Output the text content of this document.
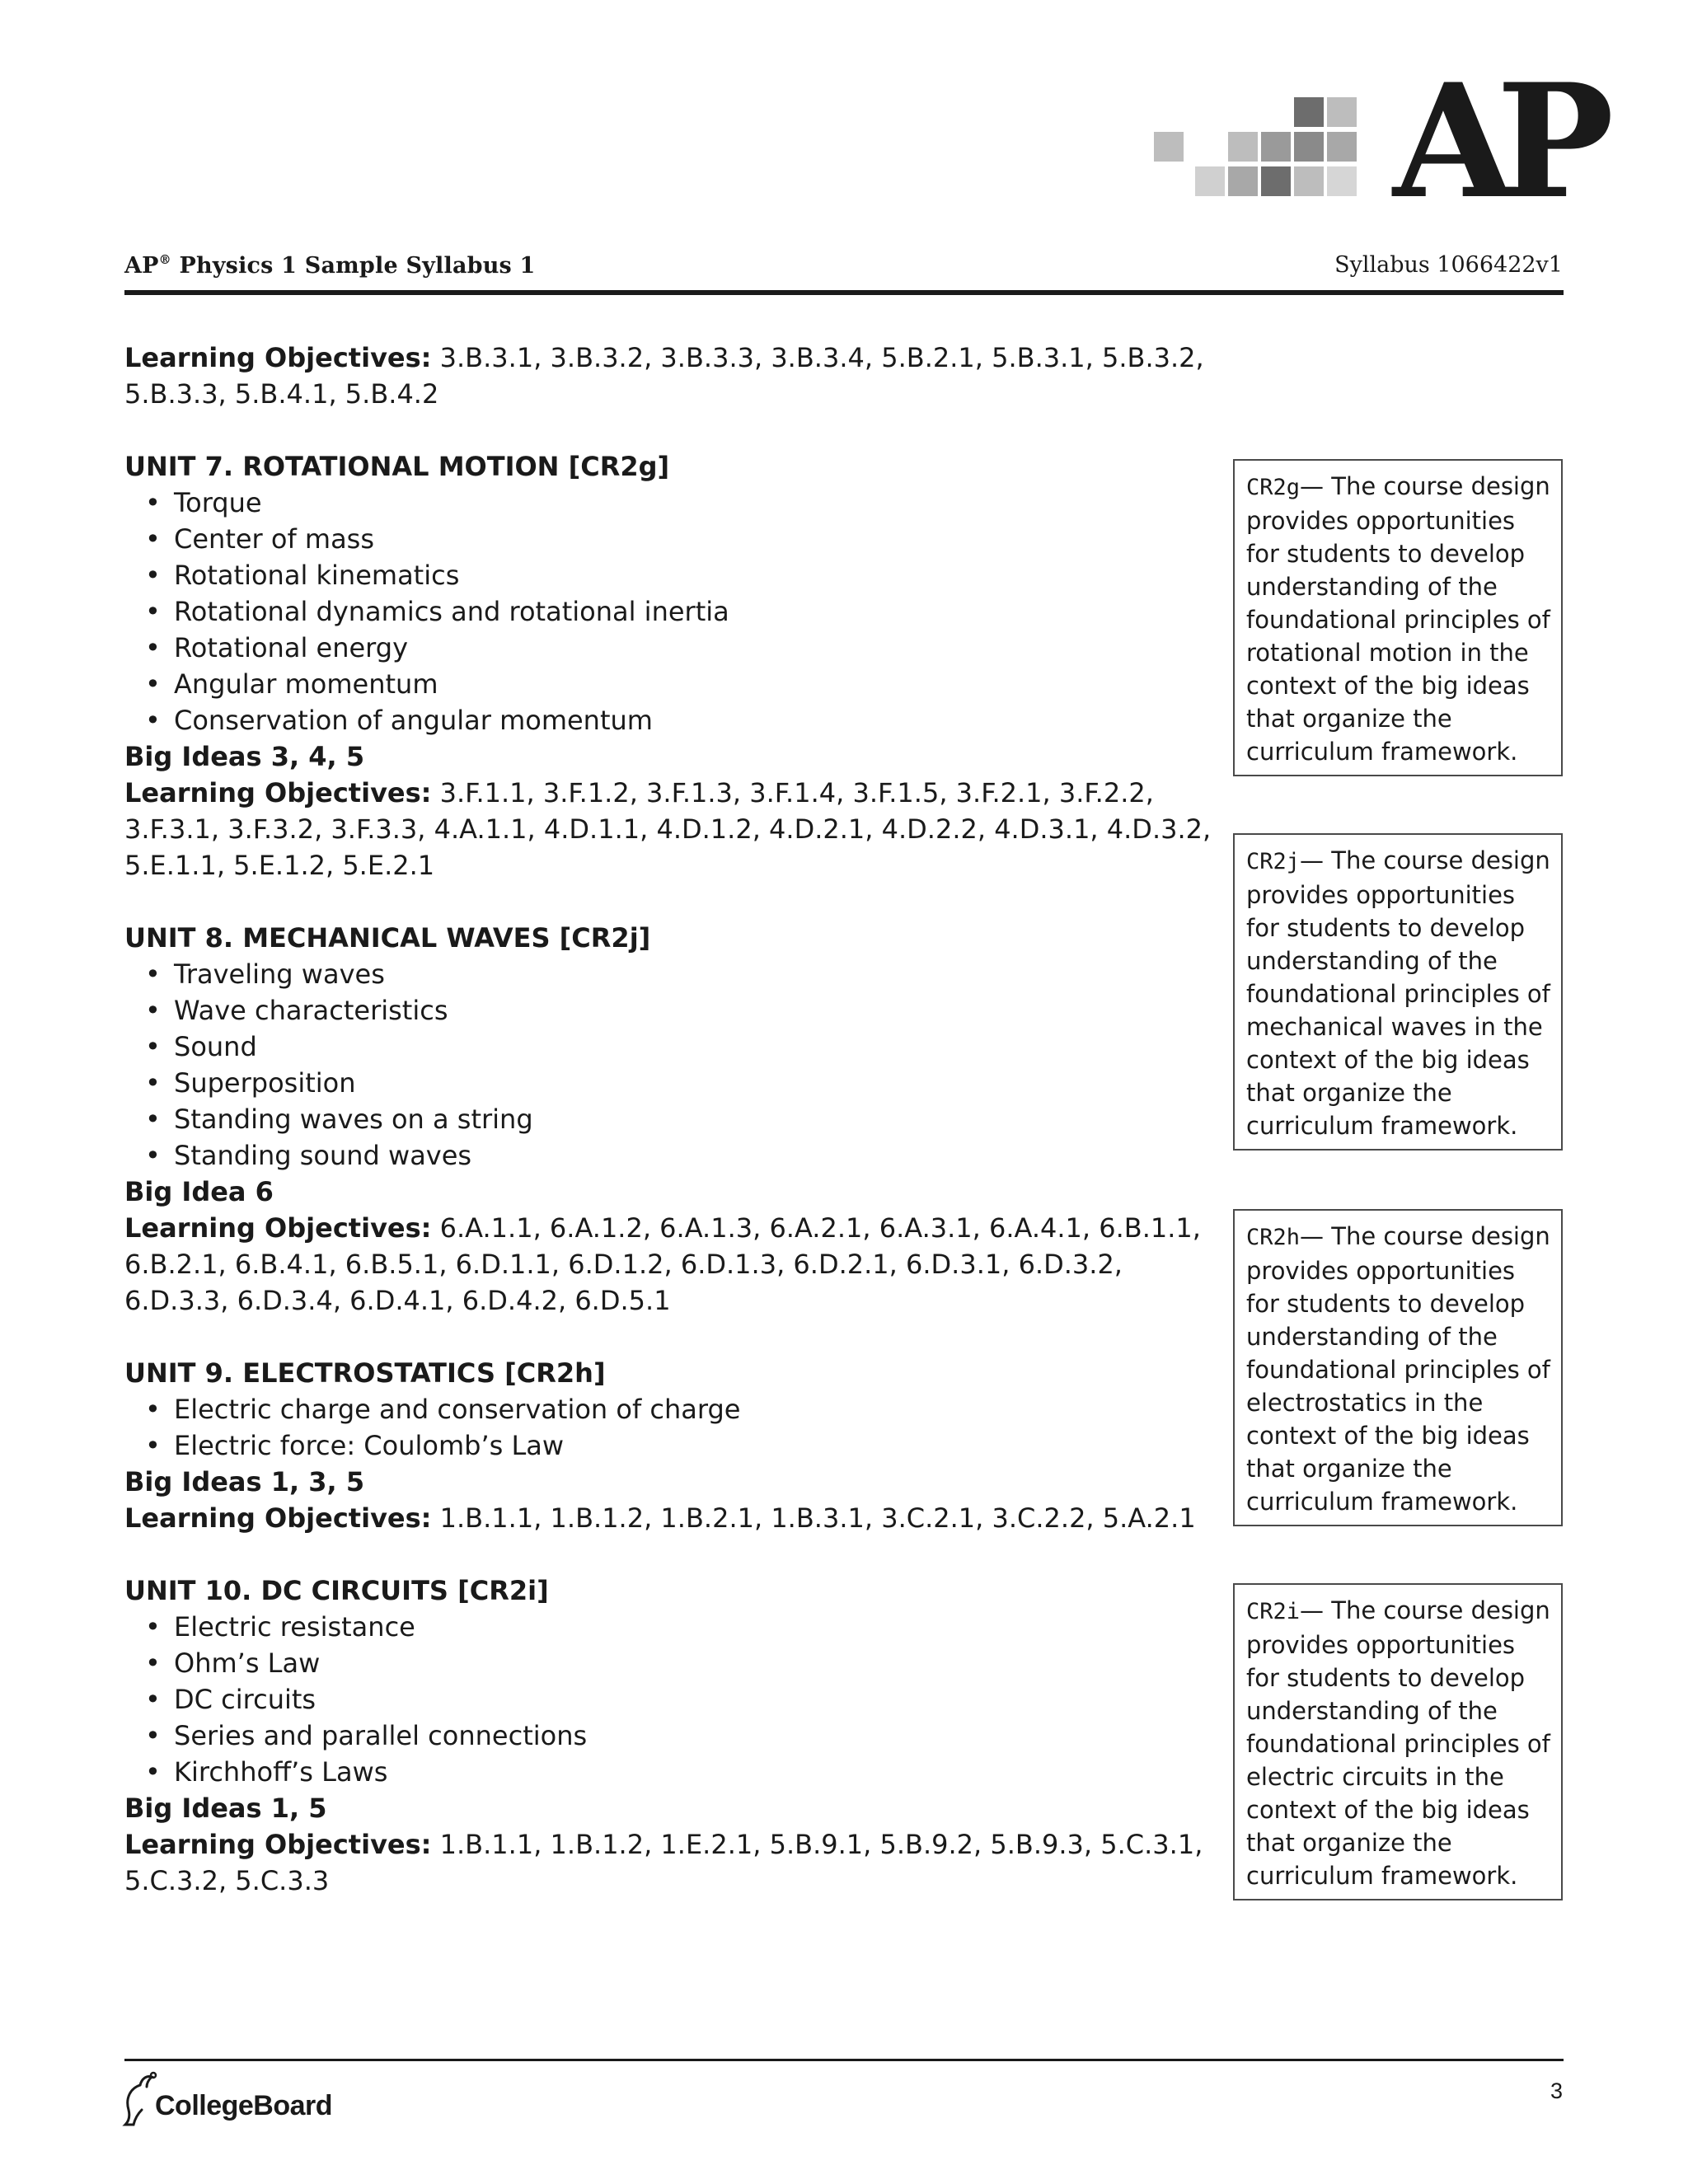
AP
AP® Physics 1 Sample Syllabus 1	Syllabus 1066422v1

Learning Objectives: 3.B.3.1, 3.B.3.2, 3.B.3.3, 3.B.3.4, 5.B.2.1, 5.B.3.1, 5.B.3.2, 5.B.3.3, 5.B.4.1, 5.B.4.2

UNIT 7. ROTATIONAL MOTION [CR2g]

• Torque
• Center of mass
• Rotational kinematics
• Rotational dynamics and rotational inertia
• Rotational energy
• Angular momentum
• Conservation of angular momentum

Big Ideas 3, 4, 5

Learning Objectives: 3.F.1.1, 3.F.1.2, 3.F.1.3, 3.F.1.4, 3.F.1.5, 3.F.2.1, 3.F.2.2, 3.F.3.1, 3.F.3.2, 3.F.3.3, 4.A.1.1, 4.D.1.1, 4.D.1.2, 4.D.2.1, 4.D.2.2, 4.D.3.1, 4.D.3.2, 5.E.1.1, 5.E.1.2, 5.E.2.1

UNIT 8. MECHANICAL WAVES [CR2j]

• Traveling waves
• Wave characteristics
• Sound
• Superposition
• Standing waves on a string
• Standing sound waves

Big Idea 6

Learning Objectives: 6.A.1.1, 6.A.1.2, 6.A.1.3, 6.A.2.1, 6.A.3.1, 6.A.4.1, 6.B.1.1, 6.B.2.1, 6.B.4.1, 6.B.5.1, 6.D.1.1, 6.D.1.2, 6.D.1.3, 6.D.2.1, 6.D.3.1, 6.D.3.2, 6.D.3.3, 6.D.3.4, 6.D.4.1, 6.D.4.2, 6.D.5.1

UNIT 9. ELECTROSTATICS [CR2h]

• Electric charge and conservation of charge
• Electric force: Coulomb’s Law

Big Ideas 1, 3, 5

Learning Objectives: 1.B.1.1, 1.B.1.2, 1.B.2.1, 1.B.3.1, 3.C.2.1, 3.C.2.2, 5.A.2.1

UNIT 10. DC CIRCUITS [CR2i]

• Electric resistance
• Ohm’s Law
• DC circuits
• Series and parallel connections
• Kirchhoff’s Laws

Big Ideas 1, 5

Learning Objectives: 1.B.1.1, 1.B.1.2, 1.E.2.1, 5.B.9.1, 5.B.9.2, 5.B.9.3, 5.C.3.1, 5.C.3.2, 5.C.3.3

CR2g— The course design provides opportunities for students to develop understanding of the foundational principles of rotational motion in the context of the big ideas that organize the curriculum framework.
CR2j— The course design provides opportunities for students to develop understanding of the foundational principles of mechanical waves in the context of the big ideas that organize the curriculum framework.
CR2h— The course design provides opportunities for students to develop understanding of the foundational principles of electrostatics in the context of the big ideas that organize the curriculum framework.
CR2i— The course design provides opportunities for students to develop understanding of the foundational principles of electric circuits in the context of the big ideas that organize the curriculum framework.
CollegeBoard	3
